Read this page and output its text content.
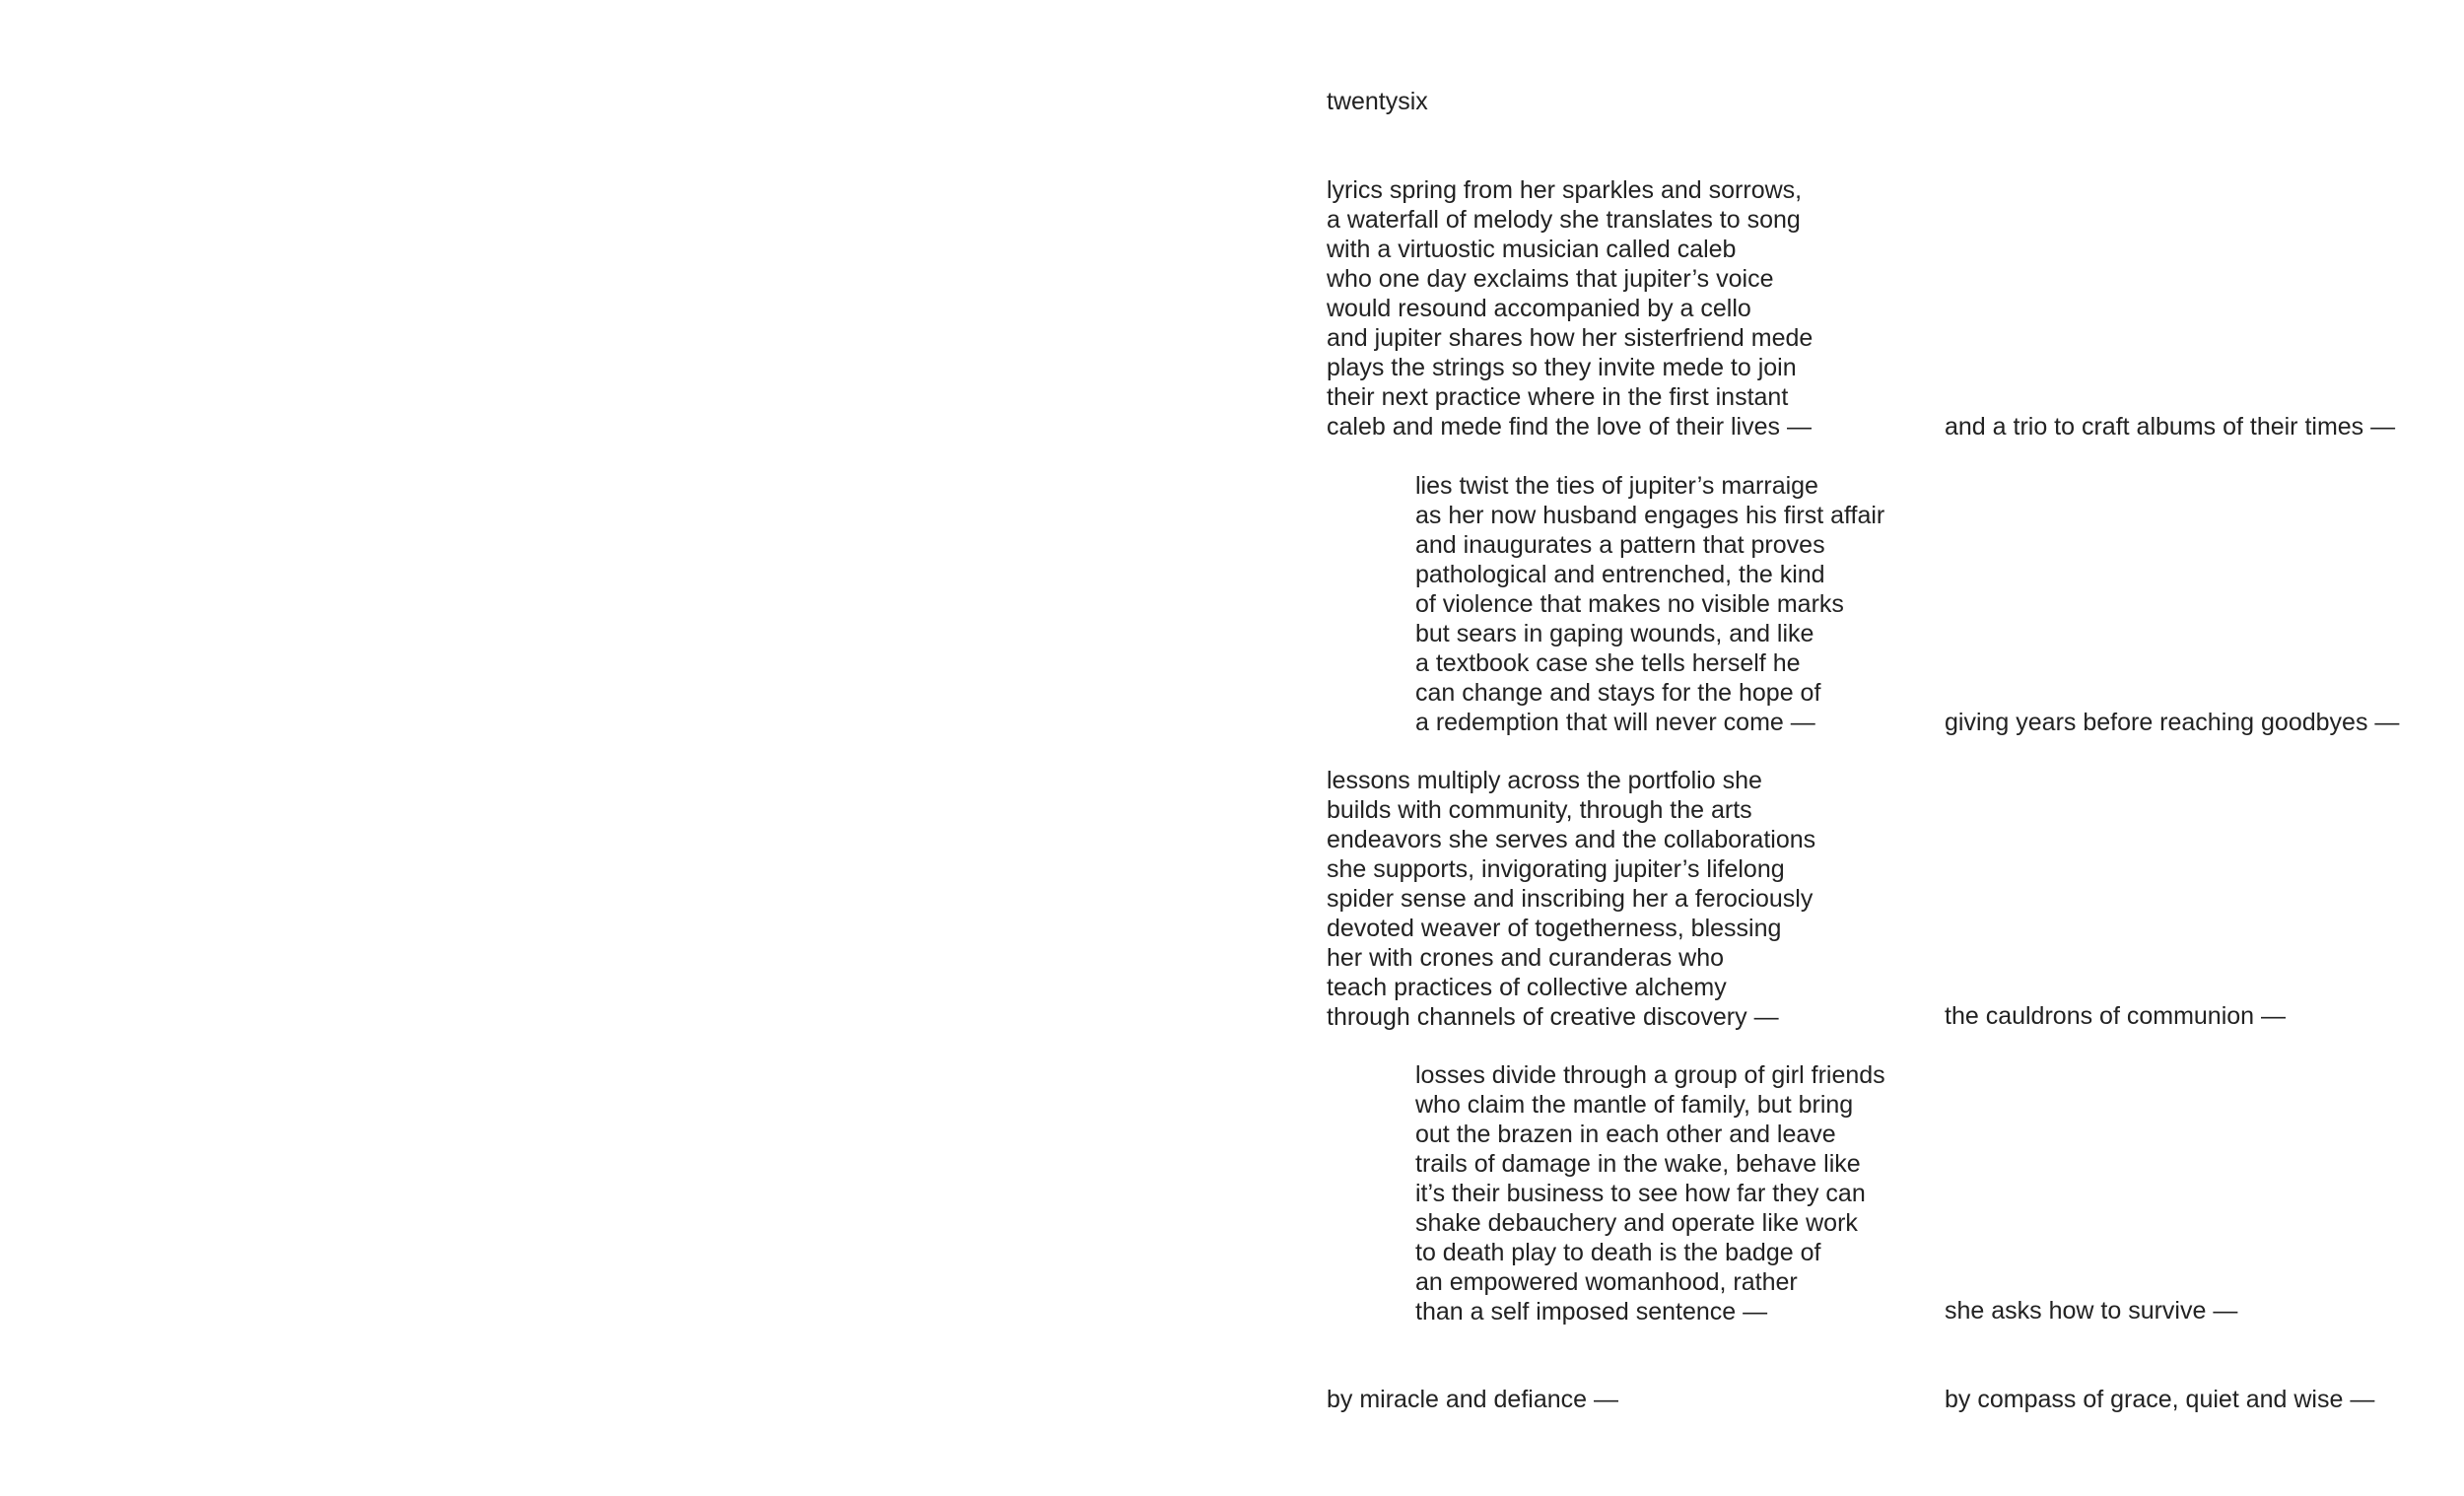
twentysix

lyrics spring from her sparkles and sorrows,
a waterfall of melody she translates to song
with a virtuostic musician called caleb
who one day exclaims that jupiter’s voice
would resound accompanied by a cello
and jupiter shares how her sisterfriend mede
plays the strings so they invite mede to join
their next practice where in the first instant
caleb and mede find the love of their lives —	and a trio to craft albums of their times —

lies twist the ties of jupiter’s marraige
as her now husband engages his first affair
and inaugurates a pattern that proves
pathological and entrenched, the kind
of violence that makes no visible marks
but sears in gaping wounds, and like
a textbook case she tells herself he
can change and stays for the hope of
a redemption that will never come —	giving years before reaching goodbyes —

lessons multiply across the portfolio she
builds with community, through the arts
endeavors she serves and the collaborations
she supports, invigorating jupiter’s lifelong
spider sense and inscribing her a ferociously
devoted weaver of togetherness, blessing
her with crones and curanderas who
teach practices of collective alchemy
through channels of creative discovery —	the cauldrons of communion —

losses divide through a group of girl friends
who claim the mantle of family, but bring
out the brazen in each other and leave
trails of damage in the wake, behave like
it’s their business to see how far they can
shake debauchery and operate like work
to death play to death is the badge of
an empowered womanhood, rather
than a self imposed sentence —	she asks how to survive —

by miracle and defiance —	by compass of grace, quiet and wise —
